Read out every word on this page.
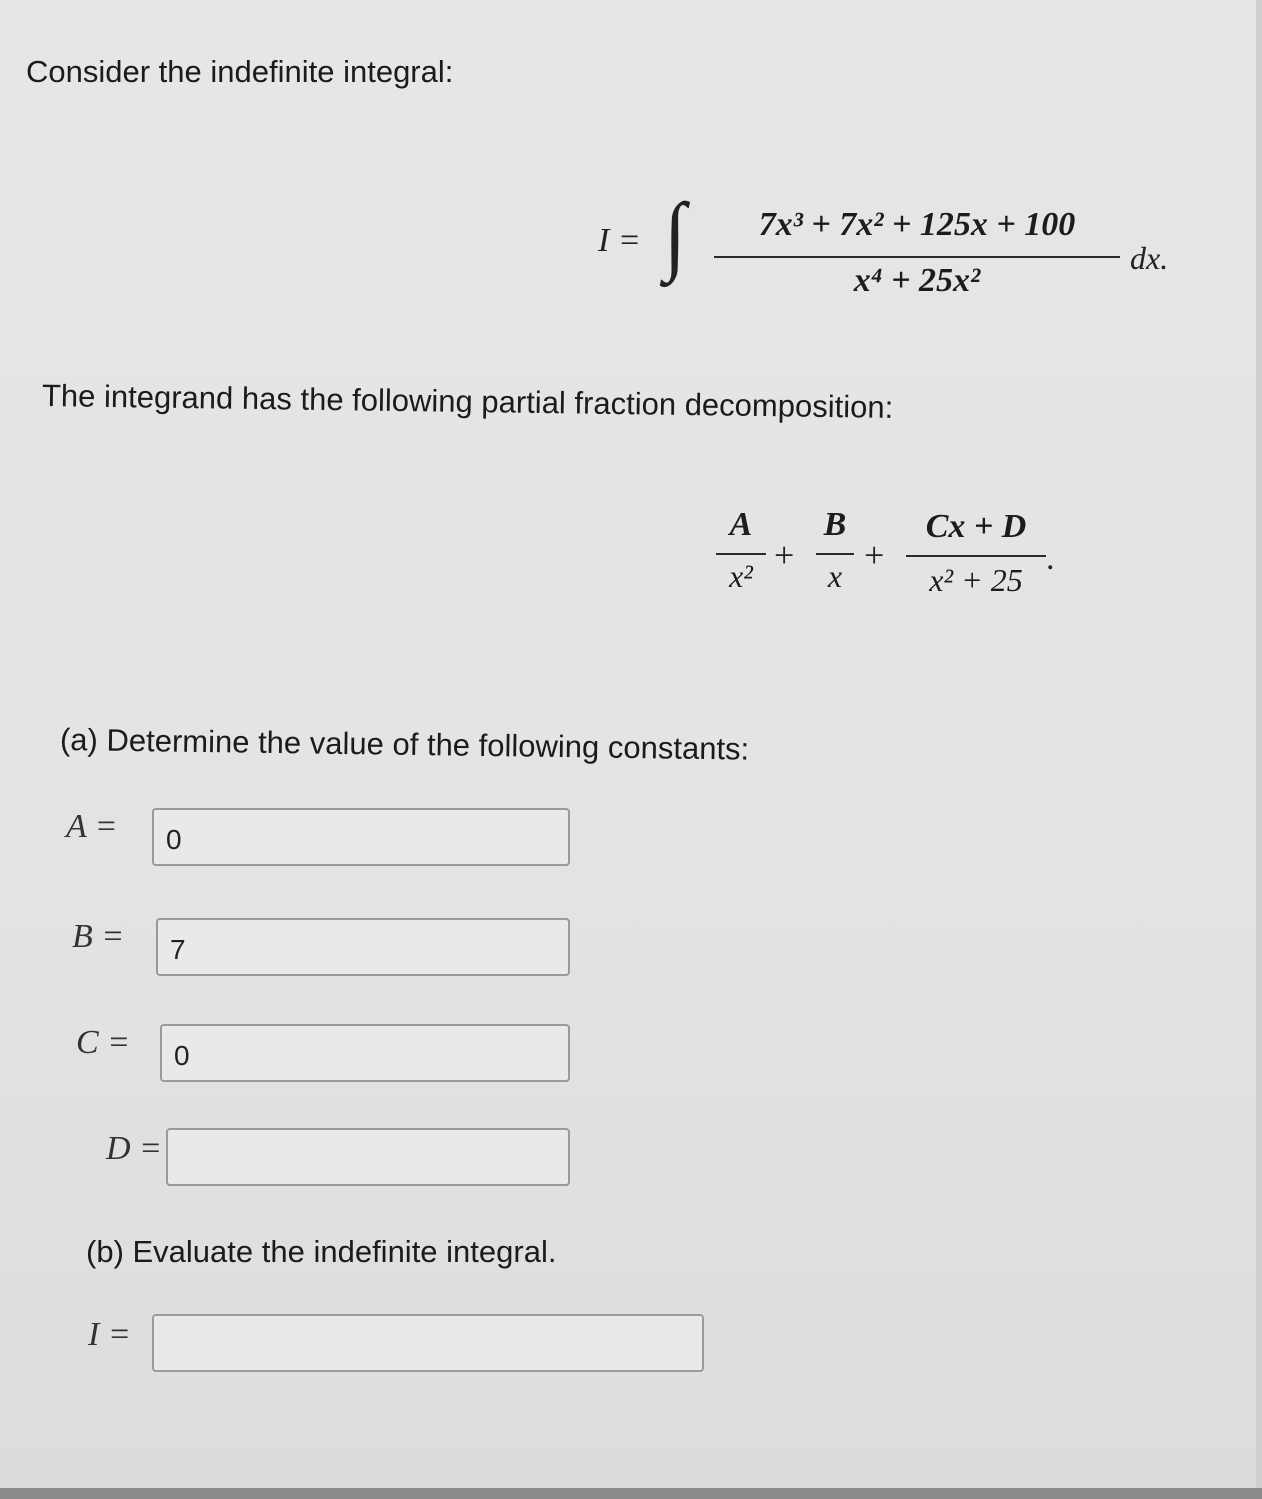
Consider the indefinite integral:
I = ∫	7x³ + 7x² + 125x + 100
x⁴ + 25x²
dx.
The integrand has the following partial fraction decomposition:
A
x²
+
B
x
+
Cx + D
x² + 25
.
(a) Determine the value of the following constants:
A =	0
B =	7
C =	0
D =
(b) Evaluate the indefinite integral.
I =
